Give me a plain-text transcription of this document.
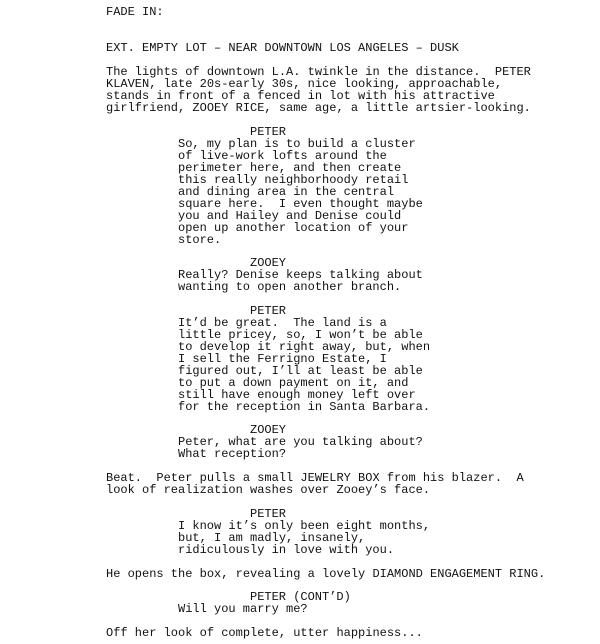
FADE IN:
EXT. EMPTY LOT – NEAR DOWNTOWN LOS ANGELES – DUSK
The lights of downtown L.A. twinkle in the distance.  PETER
KLAVEN, late 20s-early 30s, nice looking, approachable,
stands in front of a fenced in lot with his attractive
girlfriend, ZOOEY RICE, same age, a little artsier-looking.
PETER
So, my plan is to build a cluster
of live-work lofts around the
perimeter here, and then create
this really neighborhoody retail
and dining area in the central
square here.  I even thought maybe
you and Hailey and Denise could
open up another location of your
store.
ZOOEY
Really? Denise keeps talking about
wanting to open another branch.
PETER
It’d be great.  The land is a
little pricey, so, I won’t be able
to develop it right away, but, when
I sell the Ferrigno Estate, I
figured out, I’ll at least be able
to put a down payment on it, and
still have enough money left over
for the reception in Santa Barbara.
ZOOEY
Peter, what are you talking about?
What reception?
Beat.  Peter pulls a small JEWELRY BOX from his blazer.  A
look of realization washes over Zooey’s face.
PETER
I know it’s only been eight months,
but, I am madly, insanely,
ridiculously in love with you.
He opens the box, revealing a lovely DIAMOND ENGAGEMENT RING.
PETER (CONT’D)
Will you marry me?
Off her look of complete, utter happiness...
